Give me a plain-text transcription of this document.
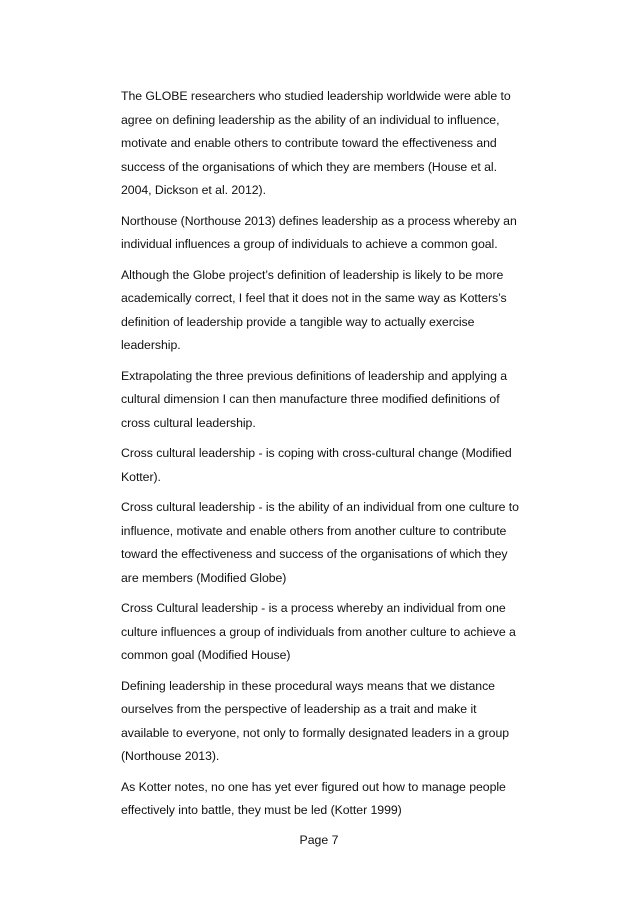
The GLOBE researchers who studied leadership worldwide were able to
agree on defining leadership as the ability of an individual to influence,
motivate and enable others to contribute toward the effectiveness and
success of the organisations of which they are members (House et al.
2004, Dickson et al. 2012).

Northouse (Northouse 2013) defines leadership as a process whereby an
individual influences a group of individuals to achieve a common goal.

Although the Globe project’s definition of leadership is likely to be more
academically correct, I feel that it does not in the same way as Kotters’s
definition of leadership provide a tangible way to actually exercise
leadership.

Extrapolating the three previous definitions of leadership and applying a
cultural dimension I can then manufacture three modified definitions of
cross cultural leadership.

Cross cultural leadership - is coping with cross-cultural change (Modified
Kotter).

Cross cultural leadership - is the ability of an individual from one culture to
influence, motivate and enable others from another culture to contribute
toward the effectiveness and success of the organisations of which they
are members (Modified Globe)

Cross Cultural leadership - is a process whereby an individual from one
culture influences a group of individuals from another culture to achieve a
common goal (Modified House)

Defining leadership in these procedural ways means that we distance
ourselves from the perspective of leadership as a trait and make it
available to everyone, not only to formally designated leaders in a group
(Northouse 2013).

As Kotter notes, no one has yet ever figured out how to manage people
effectively into battle, they must be led (Kotter 1999)

Page 7
